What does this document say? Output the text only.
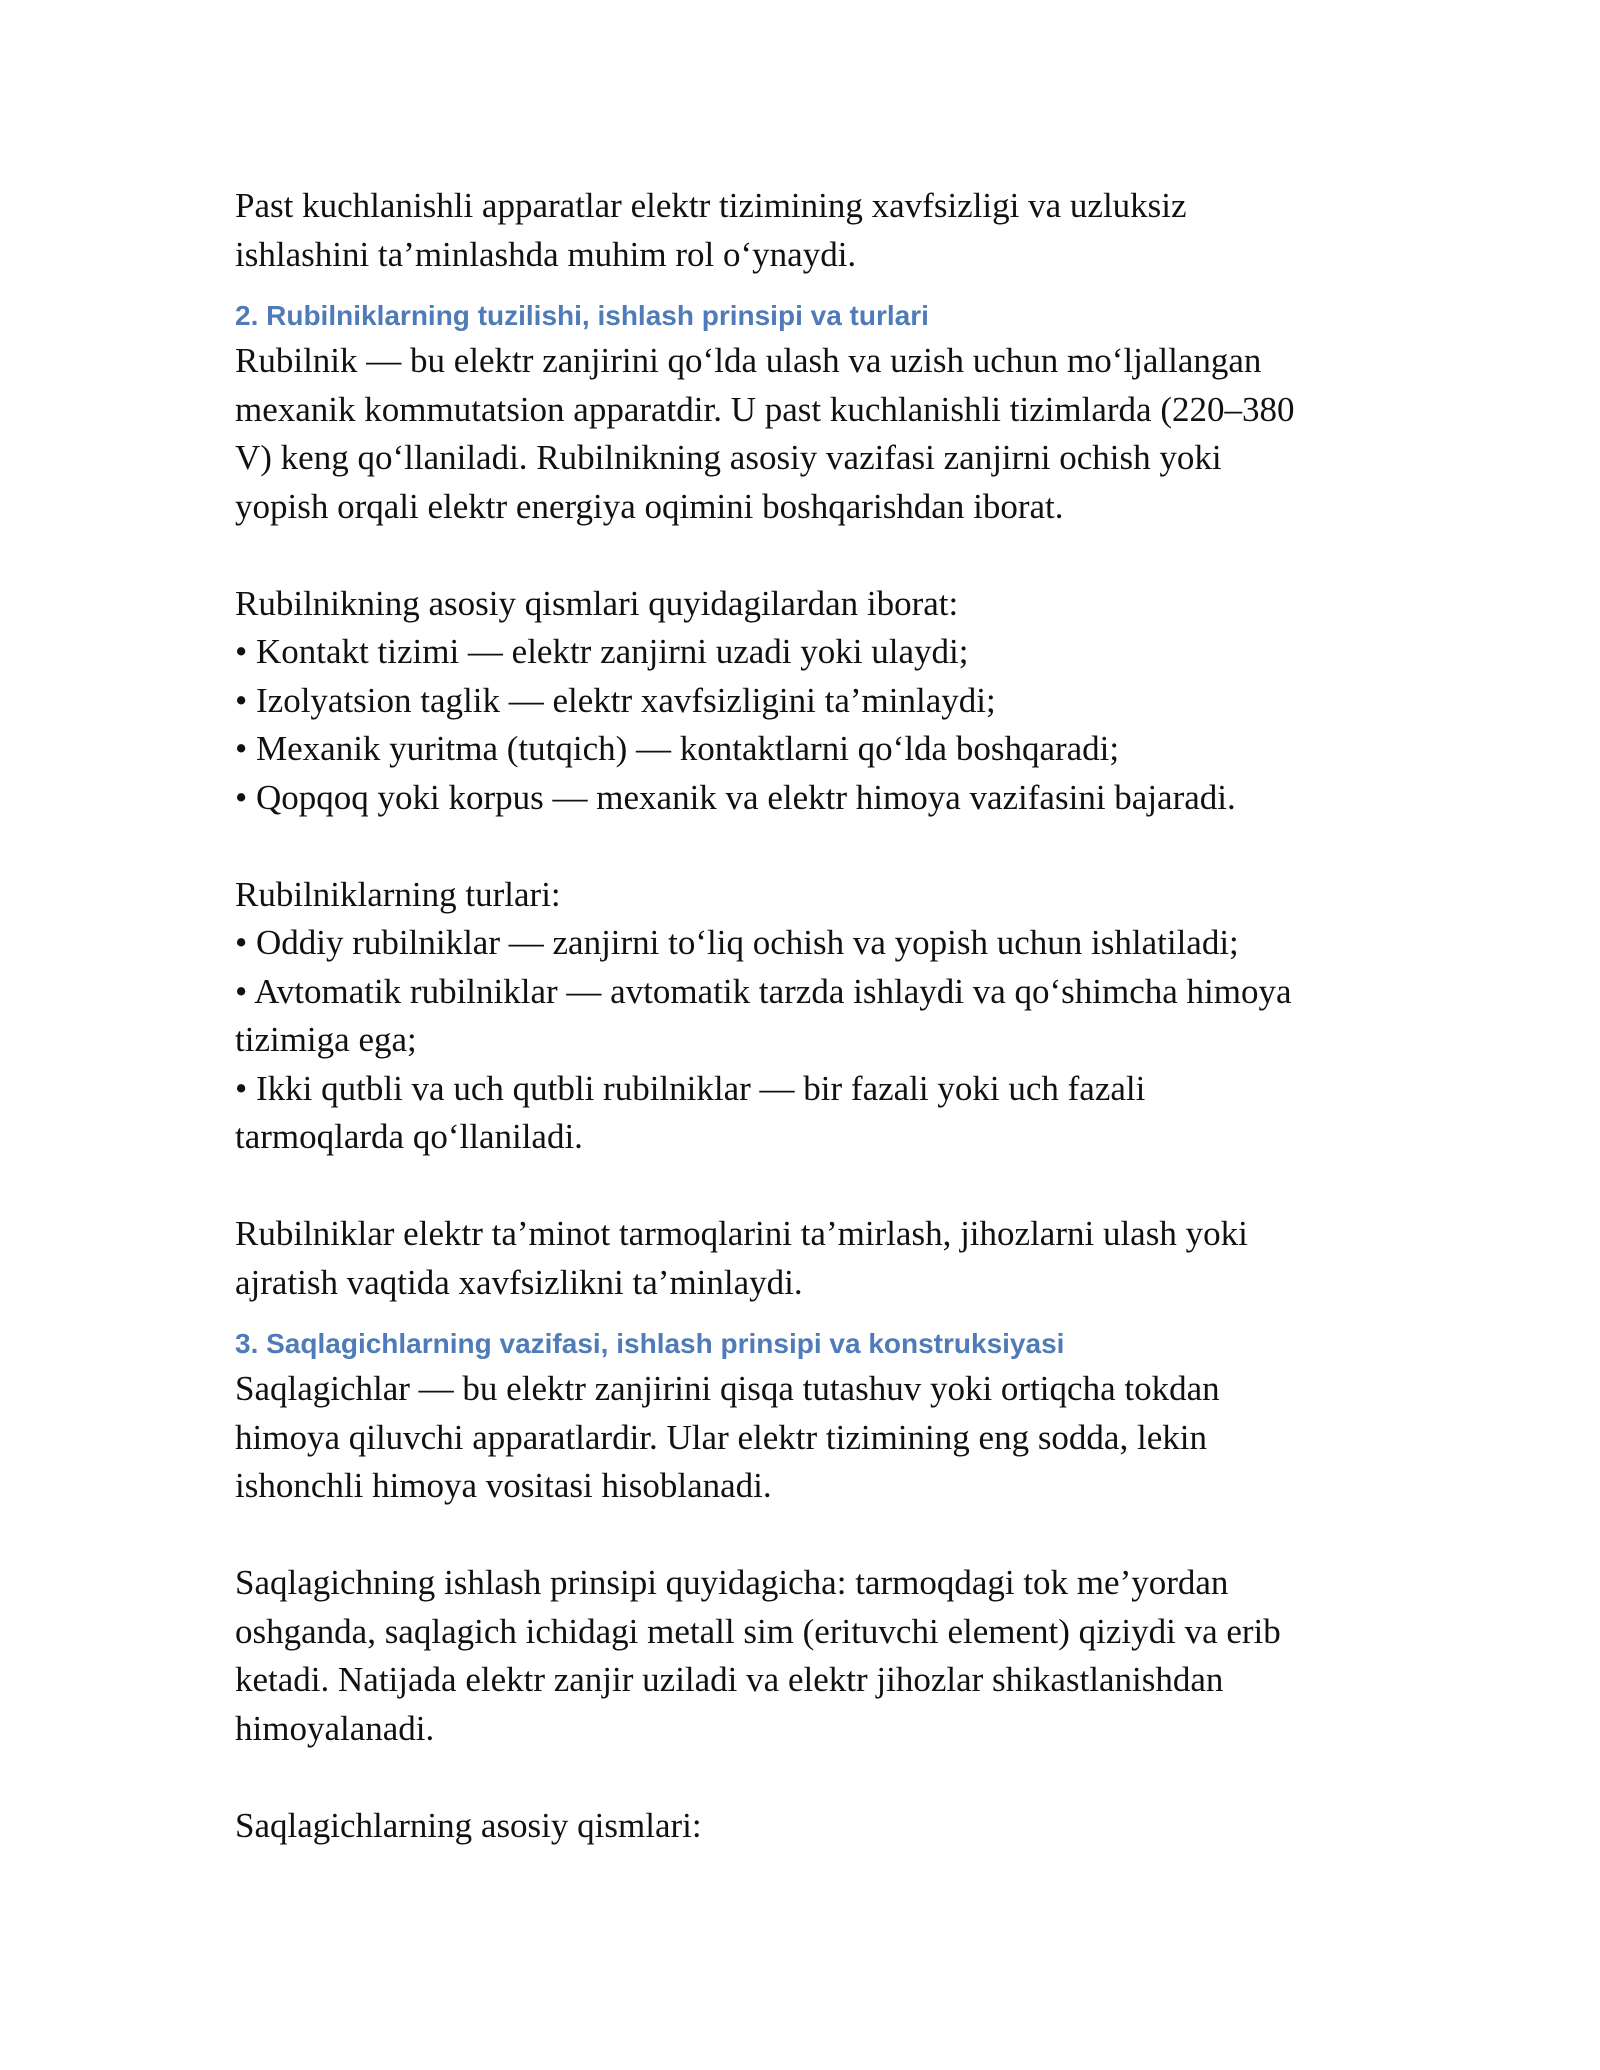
Past kuchlanishli apparatlar elektr tizimining xavfsizligi va uzluksiz
ishlashini ta’minlashda muhim rol o‘ynaydi.

2. Rubilniklarning tuzilishi, ishlash prinsipi va turlari

Rubilnik — bu elektr zanjirini qo‘lda ulash va uzish uchun mo‘ljallangan
mexanik kommutatsion apparatdir. U past kuchlanishli tizimlarda (220–380
V) keng qo‘llaniladi. Rubilnikning asosiy vazifasi zanjirni ochish yoki
yopish orqali elektr energiya oqimini boshqarishdan iborat.

Rubilnikning asosiy qismlari quyidagilardan iborat:
• Kontakt tizimi — elektr zanjirni uzadi yoki ulaydi;
• Izolyatsion taglik — elektr xavfsizligini ta’minlaydi;
• Mexanik yuritma (tutqich) — kontaktlarni qo‘lda boshqaradi;
• Qopqoq yoki korpus — mexanik va elektr himoya vazifasini bajaradi.

Rubilniklarning turlari:
• Oddiy rubilniklar — zanjirni to‘liq ochish va yopish uchun ishlatiladi;
• Avtomatik rubilniklar — avtomatik tarzda ishlaydi va qo‘shimcha himoya
tizimiga ega;
• Ikki qutbli va uch qutbli rubilniklar — bir fazali yoki uch fazali
tarmoqlarda qo‘llaniladi.

Rubilniklar elektr ta’minot tarmoqlarini ta’mirlash, jihozlarni ulash yoki
ajratish vaqtida xavfsizlikni ta’minlaydi.

3. Saqlagichlarning vazifasi, ishlash prinsipi va konstruksiyasi

Saqlagichlar — bu elektr zanjirini qisqa tutashuv yoki ortiqcha tokdan
himoya qiluvchi apparatlardir. Ular elektr tizimining eng sodda, lekin
ishonchli himoya vositasi hisoblanadi.

Saqlagichning ishlash prinsipi quyidagicha: tarmoqdagi tok me’yordan
oshganda, saqlagich ichidagi metall sim (erituvchi element) qiziydi va erib
ketadi. Natijada elektr zanjir uziladi va elektr jihozlar shikastlanishdan
himoyalanadi.

Saqlagichlarning asosiy qismlari:
